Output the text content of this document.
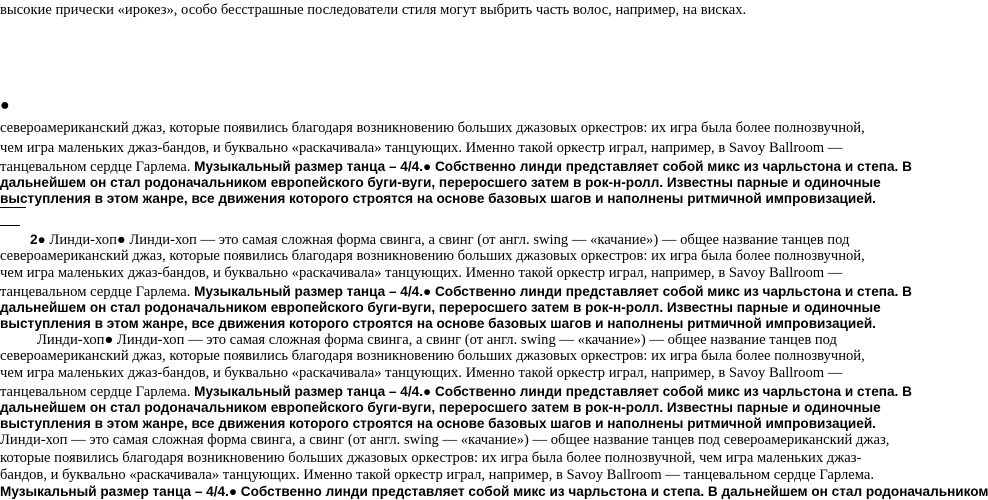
высокие прически «ирокез», особо бесстрашные последователи стиля могут выбрить часть волос, например, на висках.
●
североамериканский джаз, которые появились благодаря возникновению больших джазовых оркестров: их игра была более полнозвучной,
чем игра маленьких джаз-бандов, и буквально «раскачивала» танцующих. Именно такой оркестр играл, например, в Savoy Ballroom —
танцевальном сердце Гарлема. Музыкальный размер танца – 4/4.● Собственно линди представляет собой микс из чарльстона и степа. В
дальнейшем он стал родоначальником европейского буги-вуги, переросшего затем в рок-н-ролл. Известны парные и одиночные
выступления в этом жанре, все движения которого строятся на основе базовых шагов и наполнены ритмичной импровизацией.
2● Линди-хоп● Линди-хоп — это самая сложная форма свинга, а свинг (от англ. swing — «качание») — общее название танцев под
североамериканский джаз, которые появились благодаря возникновению больших джазовых оркестров: их игра была более полнозвучной,
чем игра маленьких джаз-бандов, и буквально «раскачивала» танцующих. Именно такой оркестр играл, например, в Savoy Ballroom —
танцевальном сердце Гарлема. Музыкальный размер танца – 4/4.● Собственно линди представляет собой микс из чарльстона и степа. В
дальнейшем он стал родоначальником европейского буги-вуги, переросшего затем в рок-н-ролл. Известны парные и одиночные
выступления в этом жанре, все движения которого строятся на основе базовых шагов и наполнены ритмичной импровизацией.
Линди-хоп● Линди-хоп — это самая сложная форма свинга, а свинг (от англ. swing — «качание») — общее название танцев под
североамериканский джаз, которые появились благодаря возникновению больших джазовых оркестров: их игра была более полнозвучной,
чем игра маленьких джаз-бандов, и буквально «раскачивала» танцующих. Именно такой оркестр играл, например, в Savoy Ballroom —
танцевальном сердце Гарлема. Музыкальный размер танца – 4/4.● Собственно линди представляет собой микс из чарльстона и степа. В
дальнейшем он стал родоначальником европейского буги-вуги, переросшего затем в рок-н-ролл. Известны парные и одиночные
выступления в этом жанре, все движения которого строятся на основе базовых шагов и наполнены ритмичной импровизацией.
Линди-хоп — это самая сложная форма свинга, а свинг (от англ. swing — «качание») — общее название танцев под североамериканский джаз,
которые появились благодаря возникновению больших джазовых оркестров: их игра была более полнозвучной, чем игра маленьких джаз-
бандов, и буквально «раскачивала» танцующих. Именно такой оркестр играл, например, в Savoy Ballroom — танцевальном сердце Гарлема.
Музыкальный размер танца – 4/4.● Собственно линди представляет собой микс из чарльстона и степа. В дальнейшем он стал родоначальником
